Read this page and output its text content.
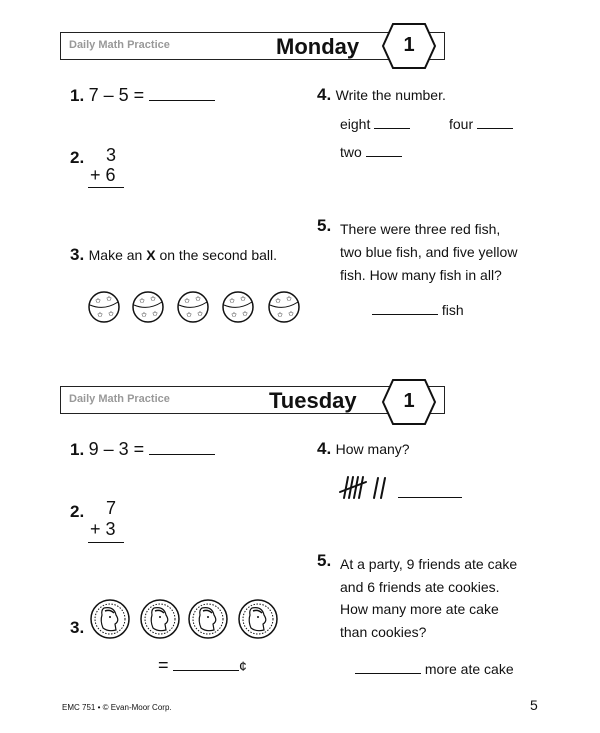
Daily Math Practice	Monday	1
1. 7 – 5 =
2. 3
+ 6
3. Make an X on the second ball.
✩ ✩
✩ ✩
✩ ✩
✩ ✩
✩ ✩
✩ ✩
✩ ✩
✩ ✩
✩ ✩
✩ ✩
4. Write the number.
eight	four
two
5. There were three red fish,
two blue fish, and five yellow
fish. How many fish in all?
fish
Daily Math Practice	Tuesday	1
1. 9 – 3 =
2. 7
+ 3
3.
=	¢
4. How many?
5. At a party, 9 friends ate cake
and 6 friends ate cookies.
How many more ate cake
than cookies?
more ate cake
EMC 751 • © Evan-Moor Corp.	5
